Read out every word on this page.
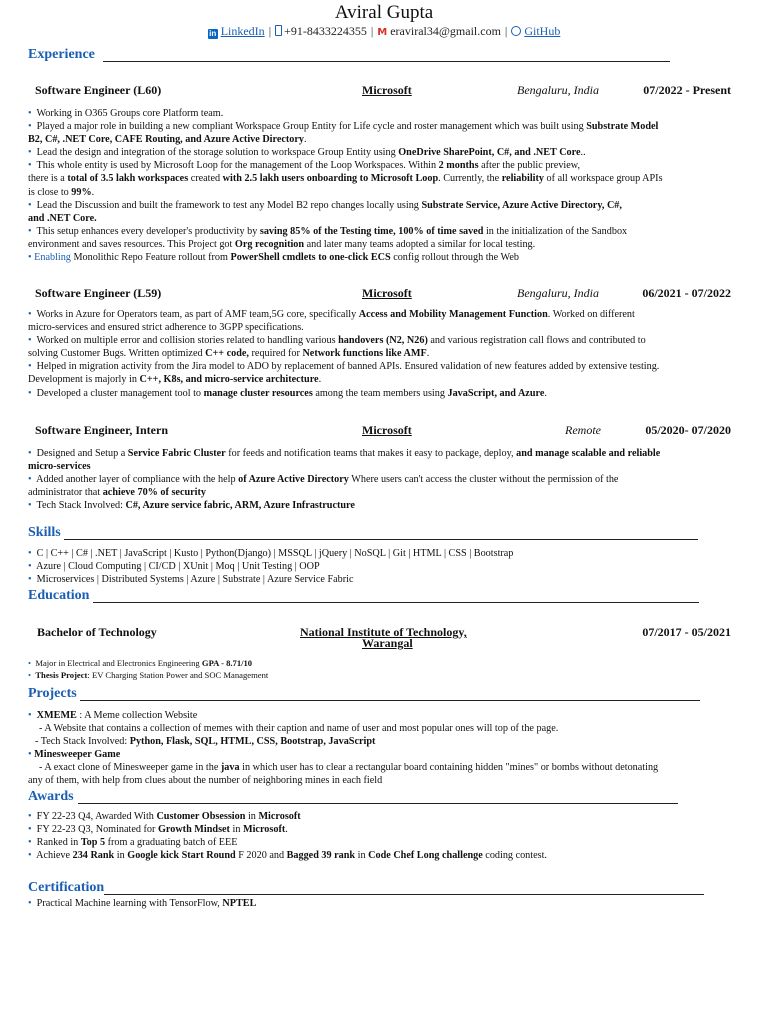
Aviral Gupta
in LinkedIn | +91-8433224355 | M eraviral34@gmail.com | GitHub
Experience
Software Engineer (L60)	Microsoft	Bengaluru, India	07/2022 - Present

• Working in O365 Groups core Platform team.

• Played a major role in building a new compliant Workspace Group Entity for Life cycle and roster management which was built using Substrate Model
B2, C#, .NET Core, CAFE Routing, and Azure Active Directory.

• Lead the design and integration of the storage solution to workspace Group Entity using OneDrive SharePoint, C#, and .NET Core..

• This whole entity is used by Microsoft Loop for the management of the Loop Workspaces. Within 2 months after the public preview,
there is a total of 3.5 lakh workspaces created with 2.5 lakh users onboarding to Microsoft Loop. Currently, the reliability of all workspace group APIs
is close to 99%.

• Lead the Discussion and built the framework to test any Model B2 repo changes locally using Substrate Service, Azure Active Directory, C#,
and .NET Core.

• This setup enhances every developer's productivity by saving 85% of the Testing time, 100% of time saved in the initialization of the Sandbox
environment and saves resources. This Project got Org recognition and later many teams adopted a similar for local testing.

• Enabling Monolithic Repo Feature rollout from PowerShell cmdlets to one-click ECS config rollout through the Web

Software Engineer (L59)	Microsoft	Bengaluru, India	06/2021 - 07/2022

• Works in Azure for Operators team, as part of AMF team,5G core, specifically Access and Mobility Management Function. Worked on different
micro-services and ensured strict adherence to 3GPP specifications.

• Worked on multiple error and collision stories related to handling various handovers (N2, N26) and various registration call flows and contributed to
solving Customer Bugs. Written optimized C++ code, required for Network functions like AMF.

• Helped in migration activity from the Jira model to ADO by replacement of banned APIs. Ensured validation of new features added by extensive testing.
Development is majorly in C++, K8s, and micro-service architecture.

• Developed a cluster management tool to manage cluster resources among the team members using JavaScript, and Azure.

Software Engineer, Intern	Microsoft	Remote	05/2020- 07/2020

• Designed and Setup a Service Fabric Cluster for feeds and notification teams that makes it easy to package, deploy, and manage scalable and reliable
micro-services

• Added another layer of compliance with the help of Azure Active Directory Where users can't access the cluster without the permission of the
administrator that achieve 70% of security

• Tech Stack Involved: C#, Azure service fabric, ARM, Azure Infrastructure

Skills

• C | C++ | C# | .NET | JavaScript | Kusto | Python(Django) | MSSQL | jQuery | NoSQL | Git | HTML | CSS | Bootstrap

• Azure | Cloud Computing | CI/CD | XUnit | Moq | Unit Testing | OOP

• Microservices | Distributed Systems | Azure | Substrate | Azure Service Fabric

Education
Bachelor of Technology	National Institute of Technology,	07/2017 - 05/2021
Warangal

• Major in Electrical and Electronics Engineering GPA - 8.71/10

• Thesis Project: EV Charging Station Power and SOC Management

Projects

• XMEME : A Meme collection Website

- A Website that contains a collection of memes with their caption and name of user and most popular ones will top of the page.

- Tech Stack Involved: Python, Flask, SQL, HTML, CSS, Bootstrap, JavaScript

• Minesweeper Game

- A exact clone of Minesweeper game in the java in which user has to clear a rectangular board containing hidden "mines" or bombs without detonating

any of them, with help from clues about the number of neighboring mines in each field

Awards

• FY 22-23 Q4, Awarded With Customer Obsession in Microsoft

• FY 22-23 Q3, Nominated for Growth Mindset in Microsoft.

• Ranked in Top 5 from a graduating batch of EEE

• Achieve 234 Rank in Google kick Start Round F 2020 and Bagged 39 rank in Code Chef Long challenge coding contest.

Certification

• Practical Machine learning with TensorFlow, NPTEL
